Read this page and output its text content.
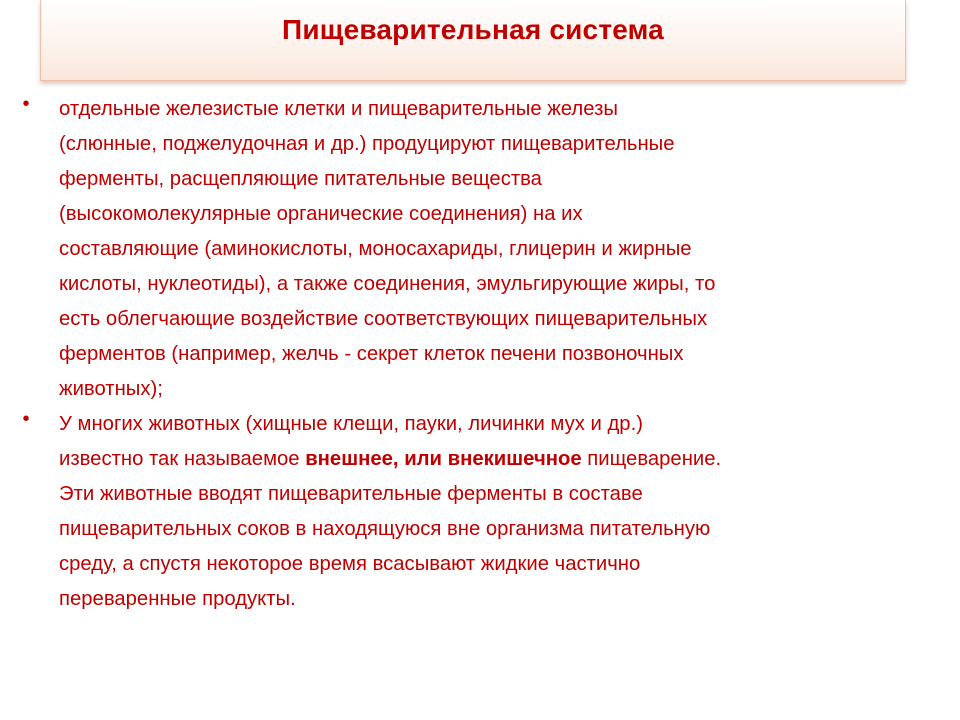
Пищеварительная система
• отдельные железистые клетки и пищеварительные железы
(слюнные, поджелудочная и др.) продуцируют пищеварительные
ферменты, расщепляющие питательные вещества
(высокомолекулярные органические соединения) на их
составляющие (аминокислоты, моносахариды, глицерин и жирные
кислоты, нуклеотиды), а также соединения, эмульгирующие жиры, то
есть облегчающие воздействие соответствующих пищеварительных
ферментов (например, желчь - секрет клеток печени позвоночных
животных);
• У многих животных (хищные клещи, пауки, личинки мух и др.)
известно так называемое внешнее, или внекишечное пищеварение.
Эти животные вводят пищеварительные ферменты в составе
пищеварительных соков в находящуюся вне организма питательную
среду, а спустя некоторое время всасывают жидкие частично
переваренные продукты.
